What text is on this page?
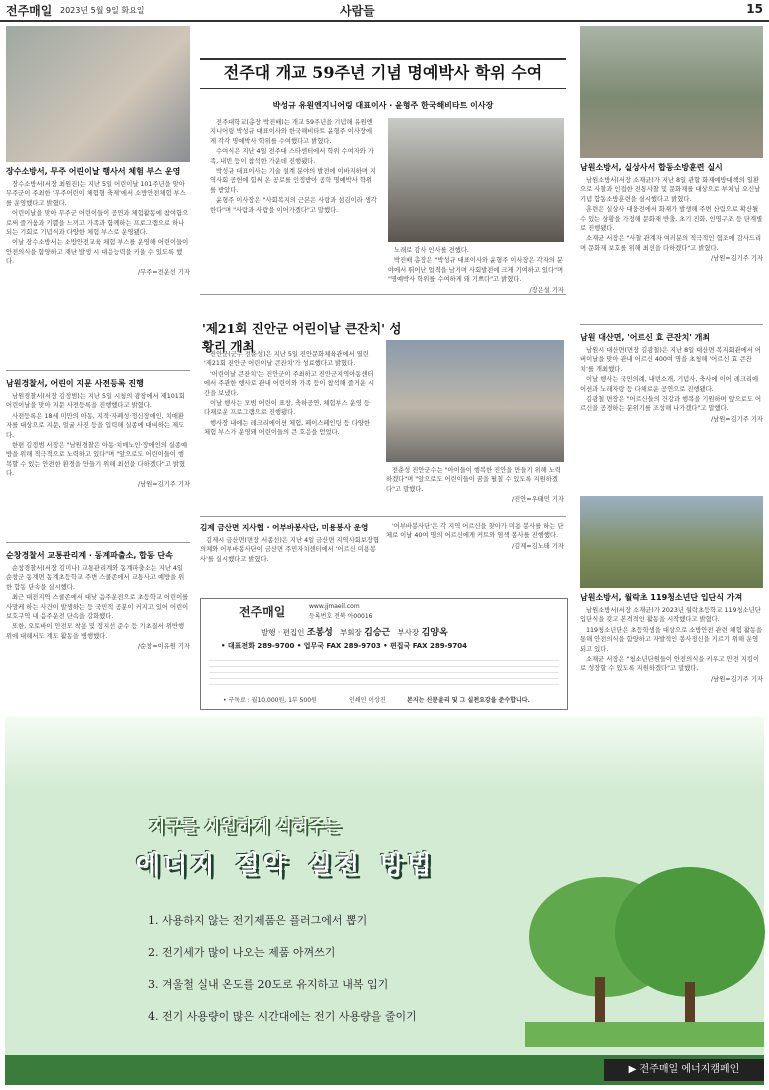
전주매일 2023년 5월 9일 화요일	사람들	15
장수소방서, 무주 어린이날 행사서 체험 부스 운영

장수소방서(서장 최원진)는 지난 5일 어린이날 101주년을 맞아 무주군이 주최한 '무주어린이 체험형 축제'에서 소방안전체험 부스를 운영했다고 밝혔다.

어린이날을 맞아 무주군 어린이들이 공연과 체험활동에 참여함으로써 즐거움과 기쁨을 느끼고 가족과 함께하는 프로그램으로 하나 되는 기회로 기념식과 다양한 체험 부스로 운영됐다.

이날 장수소방서는 소방안전교육 체험 부스를 운영해 어린이들이 안전의식을 함양하고 재난 발생 시 대응능력을 키울 수 있도록 했다.

/무주=전운선 기자
남원경찰서, 어린이 지문 사전등록 진행

남원경찰서(서장 김정범)는 지난 5일 시청의 광장에서 제101회 어린이날을 맞아 지문 사전등록을 진행했다고 밝혔다.

사전등록은 18세 미만의 아동, 지적·자폐성·정신장애인, 치매환자를 대상으로 지문, 얼굴 사진 등을 입력해 실종에 대비하는 제도다.

한편 김정범 서장은 "남원경찰은 아동·치매노인·장애인의 실종예방을 위해 적극적으로 노력하고 있다"며 "앞으로도 어린이들이 행복할 수 있는 안전한 환경을 만들기 위해 최선을 다하겠다"고 밝혔다.

/남원=김기주 기자
순창경찰서 교통관리계 · 동계파출소, 합동 단속

순창경찰서(서장 김미나) 교통관리계와 동계파출소는 지난 4일 순창군 동계면 동계초등학교 주변 스쿨존에서 교통사고 예방을 위한 합동 단속을 실시했다.

최근 대전지역 스쿨존에서 대낮 음주운전으로 초등학교 어린이를 사망케 하는 사건이 발생하는 등 국민적 공분이 커지고 있어 어린이 보호구역 내 음주운전 단속을 강화했다.

또한, 오토바이 안전모 착용 및 정지선 준수 등 기초질서 위반행위에 대해서도 계도 활동을 병행했다.

/순창=이유원 기자
전주대 개교 59주년 기념 명예박사 학위 수여
박성규 유원엔지니어링 대표이사 · 윤형주 한국해비타트 이사장

전주대학교(총장 박진배)는 개교 59주년을 기념해 유원엔지니어링 박성규 대표이사와 한국해비타트 윤형주 이사장에게 각각 명예박사 학위를 수여했다고 밝혔다.

수여식은 지난 4일 전주대 스타센터에서 학위 수여자와 가족, 내빈 등이 참석한 가운데 진행됐다.

박성규 대표이사는 기술 설계 분야의 발전에 이바지하며 지역사회 공헌에 힘써 온 공로를 인정받아 공학 명예박사 학위를 받았다.

윤형주 이사장은 "사회복지의 근본은 사랑과 섬김이라 생각한다"며 "사람과 사람을 이어가겠다"고 말했다.

노래로 감사 인사를 전했다.

박진배 총장은 "박성규 대표이사와 윤형주 이사장은 각자의 분야에서 뛰어난 업적을 남기며 사회발전에 크게 기여하고 있다"며 "명예박사 학위를 수여하게 돼 기쁘다"고 밝혔다.

/장은설 기자
'제21회 진안군 어린이날 큰잔치' 성황리 개최

진안군(군수 전춘성)은 지난 5일 진안문화체육관에서 열린 '제21회 진안군 어린이날 큰잔치'가 성료했다고 밝혔다.

'어린이날 큰잔치'는 진안군이 주최하고 진안군지역아동센터에서 주관한 행사로 관내 어린이와 가족 등이 참석해 즐거운 시간을 보냈다.

이날 행사는 모범 어린이 표창, 축하공연, 체험부스 운영 등 다채로운 프로그램으로 진행됐다.

행사장 내에는 레크리에이션 체험, 페이스페인팅 등 다양한 체험 부스가 운영돼 어린이들의 큰 호응을 얻었다.

전춘성 진안군수는 "아이들이 행복한 진안을 만들기 위해 노력하겠다"며 "앞으로도 어린이들이 꿈을 펼칠 수 있도록 지원하겠다"고 말했다.

/진안=우태민 기자
김제 금산면 지사협 · 어부바봉사단, 미용봉사 운영

김제시 금산면(면장 서종선)은 지난 4일 금산면 지역사회보장협의체와 어부바봉사단이 금산면 주민자치센터에서 '어르신 미용봉사'를 실시했다고 밝혔다.

'어부바봉사단'은 각 지역 어르신을 찾아가 미용 봉사를 하는 단체로 이날 40여 명의 어르신에게 커트와 염색 봉사를 진행했다.

/김제=김노태 기자
전주매일	www.jjmaeil.com
등록번호 전북 아00016
발행 · 편집인 조봉성 부회장 김승근 부사장 김양옥
• 대표전화 289-9700 • 업무국 FAX 289-9703 • 편집국 FAX 289-9704
• 구독료 : 월10,000원, 1부 500원	인쇄인 이상진	본지는 신문윤리 및 그 실천요강을 준수합니다.
남원소방서, 실상사서 합동소방훈련 실시

남원소방서(서장 소재균)가 지난 8일 관할 화재예방대책의 일환으로 사찰과 인접한 전통사찰 및 문화재를 대상으로 부처님 오신날 기념 합동소방훈련을 실시했다고 밝혔다.

훈련은 실상사 대웅전에서 화재가 발생해 주변 산림으로 확산될 수 있는 상황을 가정해 문화재 반출, 초기 진화, 인명구조 등 단계별로 진행됐다.

소재균 서장은 "사찰 관계자 여러분의 적극적인 협조에 감사드리며 문화재 보호를 위해 최선을 다하겠다"고 밝혔다.

/남원=김기주 기자
남원 대산면, '어르신 효 큰잔치' 개최

남원시 대산면(면장 김광철)은 지난 8일 대산면 복지회관에서 어버이날을 맞아 관내 어르신 400여 명을 초청해 '어르신 효 큰잔치'를 개최했다.

이날 행사는 국민의례, 내빈소개, 기념사, 축사에 이어 레크리에이션과 노래자랑 등 다채로운 공연으로 진행됐다.

김광철 면장은 "어르신들의 건강과 행복을 기원하며 앞으로도 어르신을 공경하는 분위기를 조성해 나가겠다"고 말했다.

/남원=김기주 기자
남원소방서, 월락초 119청소년단 입단식 가져

남원소방서(서장 소재균)가 2023년 월락초등학교 119청소년단 입단식을 갖고 본격적인 활동을 시작했다고 밝혔다.

119청소년단은 초등학생을 대상으로 소방안전 관련 체험 활동을 통해 안전의식을 함양하고 자발적인 봉사정신을 기르기 위해 운영되고 있다.

소재균 서장은 "청소년단원들이 안전의식을 키우고 안전 지킴이로 성장할 수 있도록 지원하겠다"고 말했다.

/남원=김기주 기자
지구를 시원하게 식혀주는
에너지 절약 실천 방법
1. 사용하지 않는 전기제품은 플러그에서 뽑기
2. 전기세가 많이 나오는 제품 아껴쓰기
3. 겨울철 실내 온도를 20도로 유지하고 내복 입기
4. 전기 사용량이 많은 시간대에는 전기 사용량을 줄이기
▶ 전주매일 에너지캠페인
